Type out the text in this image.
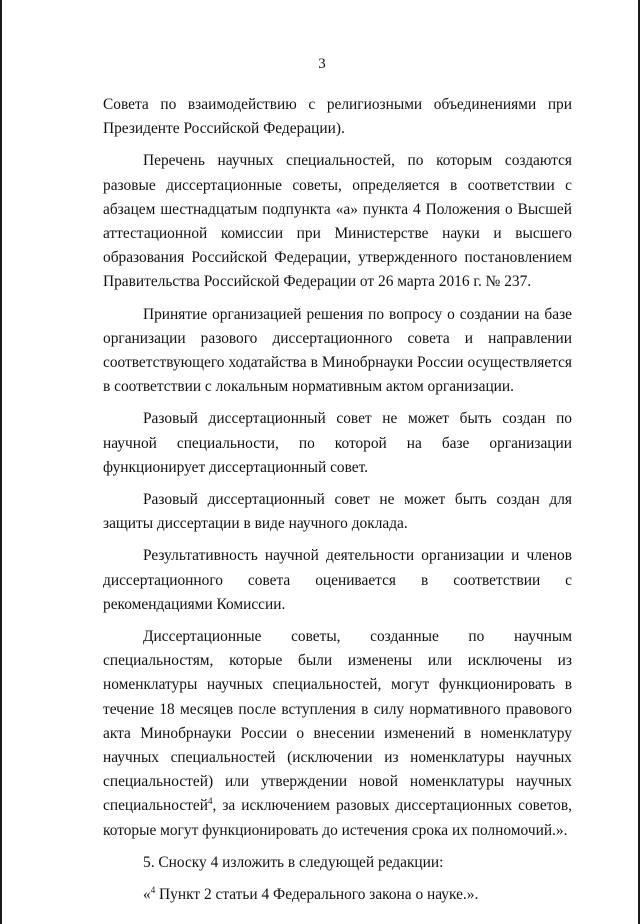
3

Совета по взаимодействию с религиозными объединениями при Президенте Российской Федерации).

Перечень научных специальностей, по которым создаются разовые диссертационные советы, определяется в соответствии с абзацем шестнадцатым подпункта «а» пункта 4 Положения о Высшей аттестационной комиссии при Министерстве науки и высшего образования Российской Федерации, утвержденного постановлением Правительства Российской Федерации от 26 марта 2016 г. № 237.

Принятие организацией решения по вопросу о создании на базе организации разового диссертационного совета и направлении соответствующего ходатайства в Минобрнауки России осуществляется в соответствии с локальным нормативным актом организации.

Разовый диссертационный совет не может быть создан по научной специальности, по которой на базе организации функционирует диссертационный совет.

Разовый диссертационный совет не может быть создан для защиты диссертации в виде научного доклада.

Результативность научной деятельности организации и членов диссертационного совета оценивается в соответствии с рекомендациями Комиссии.

Диссертационные советы, созданные по научным специальностям, которые были изменены или исключены из номенклатуры научных специальностей, могут функционировать в течение 18 месяцев после вступления в силу нормативного правового акта Минобрнауки России о внесении изменений в номенклатуру научных специальностей (исключении из номенклатуры научных специальностей) или утверждении новой номенклатуры научных специальностей$^4$, за исключением разовых диссертационных советов, которые могут функционировать до истечения срока их полномочий.».

5. Сноску 4 изложить в следующей редакции:

«$^4$ Пункт 2 статьи 4 Федерального закона о науке.».
